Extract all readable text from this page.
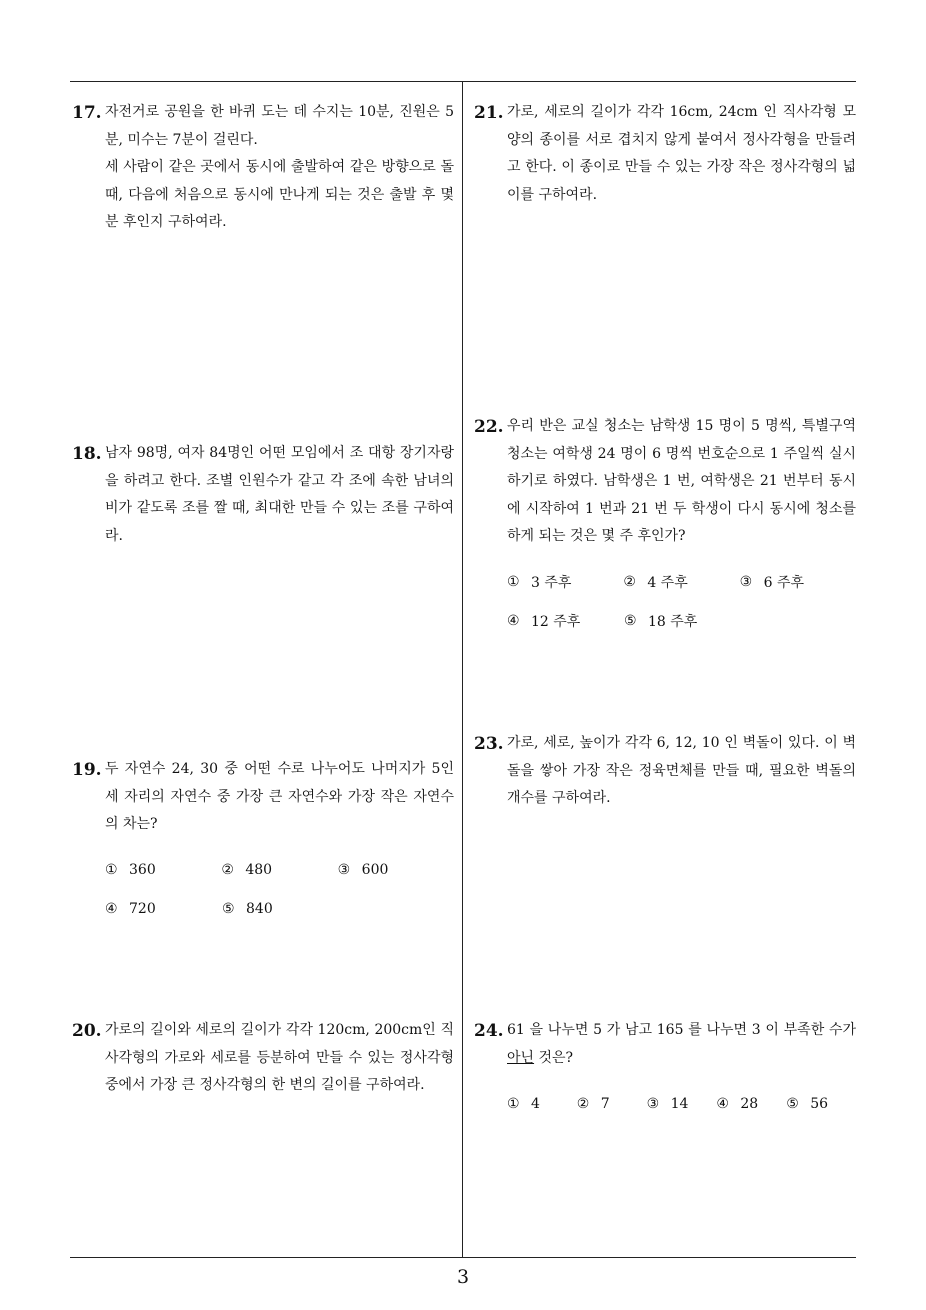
17. 자전거로 공원을 한 바퀴 도는 데 수지는 10분, 진원은 5분, 미수는 7분이 걸린다.

세 사람이 같은 곳에서 동시에 출발하여 같은 방향으로 돌 때, 다음에 처음으로 동시에 만나게 되는 것은 출발 후 몇 분 후인지 구하여라.

18. 남자 98명, 여자 84명인 어떤 모임에서 조 대항 장기자랑을 하려고 한다. 조별 인원수가 같고 각 조에 속한 남녀의 비가 같도록 조를 짤 때, 최대한 만들 수 있는 조를 구하여라.
19. 두 자연수 24, 30 중 어떤 수로 나누어도 나머지가 5인 세 자리의 자연수 중 가장 큰 자연수와 가장 작은 자연수의 차는?
① 360	② 480	③ 600
④ 720	⑤ 840
20. 가로의 길이와 세로의 길이가 각각 120cm, 200cm인 직사각형의 가로와 세로를 등분하여 만들 수 있는 정사각형 중에서 가장 큰 정사각형의 한 변의 길이를 구하여라.
21. 가로, 세로의 길이가 각각 16cm, 24cm 인 직사각형 모양의 종이를 서로 겹치지 않게 붙여서 정사각형을 만들려고 한다. 이 종이로 만들 수 있는 가장 작은 정사각형의 넓이를 구하여라.
22. 우리 반은 교실 청소는 남학생 15 명이 5 명씩, 특별구역 청소는 여학생 24 명이 6 명씩 번호순으로 1 주일씩 실시하기로 하였다. 남학생은 1 번, 여학생은 21 번부터 동시에 시작하여 1 번과 21 번 두 학생이 다시 동시에 청소를 하게 되는 것은 몇 주 후인가?
① 3 주후	② 4 주후	③ 6 주후
④ 12 주후	⑤ 18 주후
23. 가로, 세로, 높이가 각각 6, 12, 10 인 벽돌이 있다. 이 벽돌을 쌓아 가장 작은 정육면체를 만들 때, 필요한 벽돌의 개수를 구하여라.
24. 61 을 나누면 5 가 남고 165 를 나누면 3 이 부족한 수가 아닌 것은?
① 4	② 7	③ 14 ④ 28 ⑤ 56
3
